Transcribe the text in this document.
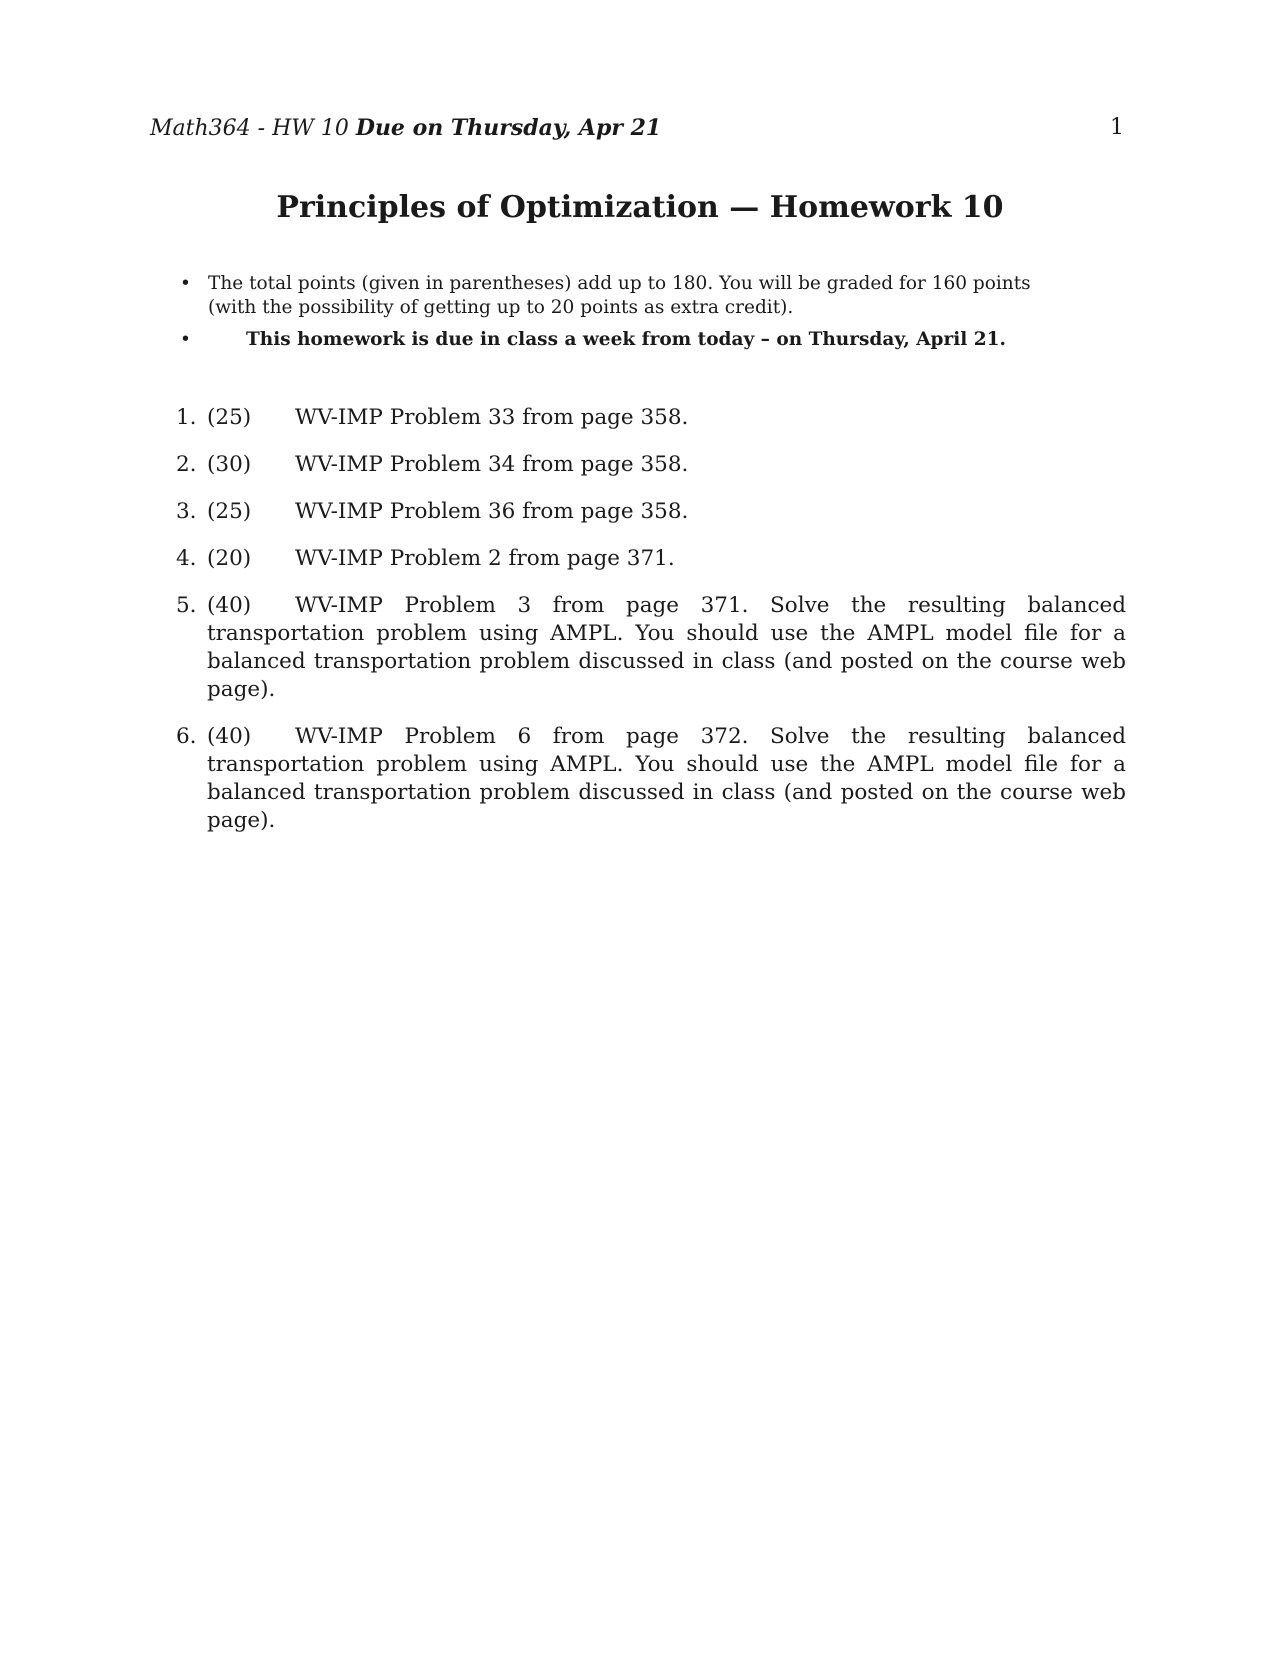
Math364 - HW 10 Due on Thursday, Apr 21	1
Principles of Optimization — Homework 10
• The total points (given in parentheses) add up to 180. You will be graded for 160 points (with the possibility of getting up to 20 points as extra credit).
•	This homework is due in class a week from today – on Thursday, April 21.
1. (25) WV-IMP Problem 33 from page 358.
2. (30) WV-IMP Problem 34 from page 358.
3. (25) WV-IMP Problem 36 from page 358.
4. (20) WV-IMP Problem 2 from page 371.
5. (40) WV-IMP Problem 3 from page 371. Solve the resulting balanced transportation problem using AMPL. You should use the AMPL model file for a balanced transportation problem discussed in class (and posted on the course web page).
6. (40) WV-IMP Problem 6 from page 372. Solve the resulting balanced transportation problem using AMPL. You should use the AMPL model file for a balanced transportation problem discussed in class (and posted on the course web page).
